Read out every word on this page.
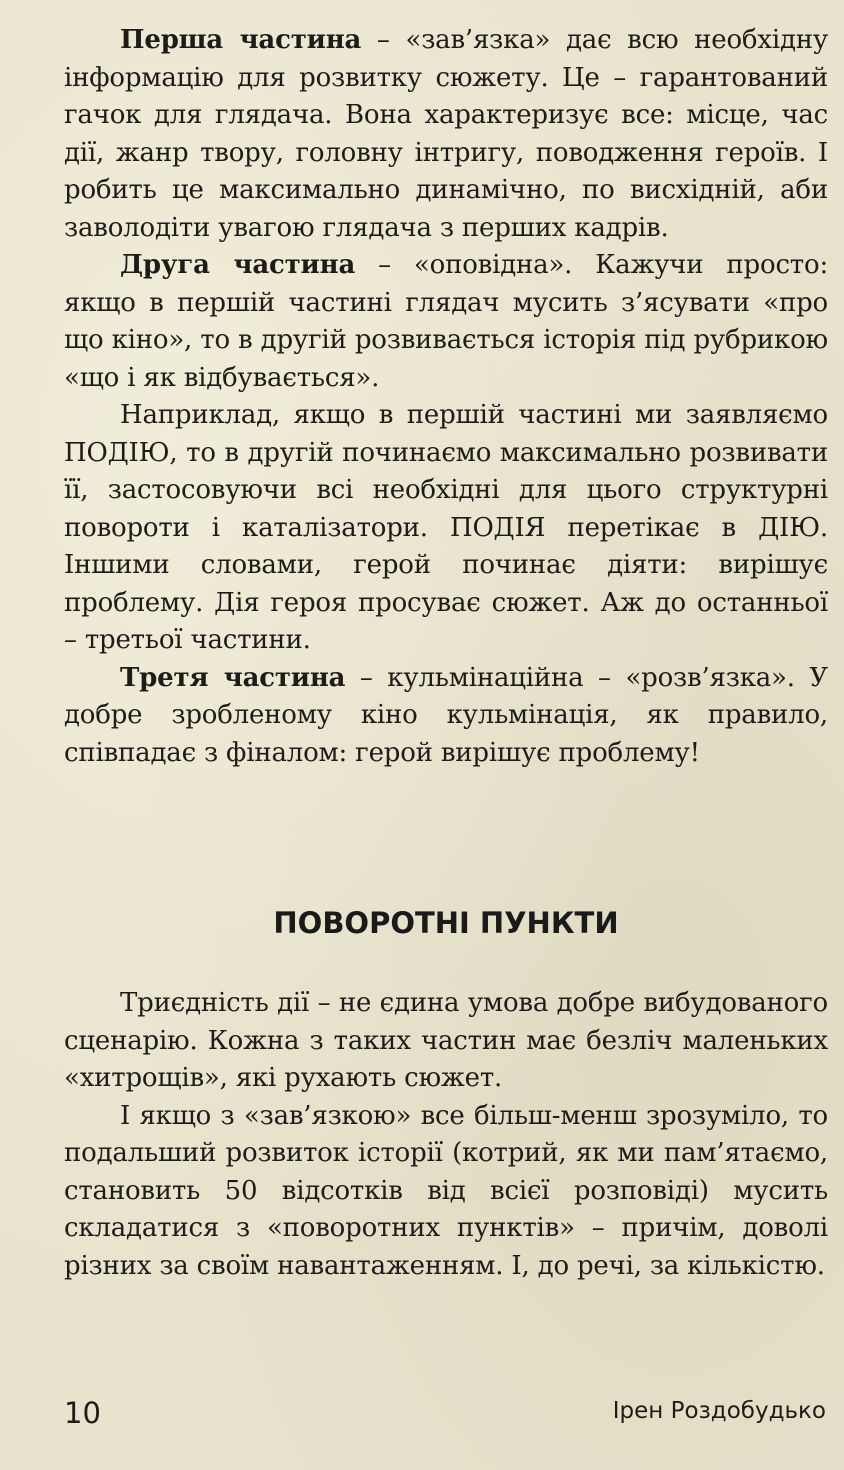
Перша частина – «зав’язка» дає всю необхідну інформацію для розвитку сюжету. Це – гарантований гачок для глядача. Вона характеризує все: місце, час дії, жанр твору, головну інтригу, поводження героїв. І робить це максимально динамічно, по висхідній, аби заволодіти увагою глядача з перших кадрів.

Друга частина – «оповідна». Кажучи просто: якщо в першій частині глядач мусить з’ясувати «про що кіно», то в другій розвивається історія під рубрикою «що і як відбувається».

Наприклад, якщо в першій частині ми заявляємо ПОДІЮ, то в другій починаємо максимально розвивати її, застосовуючи всі необхідні для цього структурні повороти і каталізатори. ПОДІЯ перетікає в ДІЮ. Іншими словами, герой починає діяти: вирішує проблему. Дія героя просуває сюжет. Аж до останньої – третьої частини.

Третя частина – кульмінаційна – «розв’язка». У добре зробленому кіно кульмінація, як правило, співпадає з фіналом: герой вирішує проблему!

ПОВОРОТНІ ПУНКТИ

Триєдність дії – не єдина умова добре вибудованого сценарію. Кожна з таких частин має безліч маленьких «хитрощів», які рухають сюжет.

І якщо з «зав’язкою» все більш-менш зрозуміло, то подальший розвиток історії (котрий, як ми пам’ятаємо, становить 50 відсотків від всієї розповіді) мусить складатися з «поворотних пунктів» – причім, доволі різних за своїм навантаженням. І, до речі, за кількістю.

10	Ірен Роздобудько
